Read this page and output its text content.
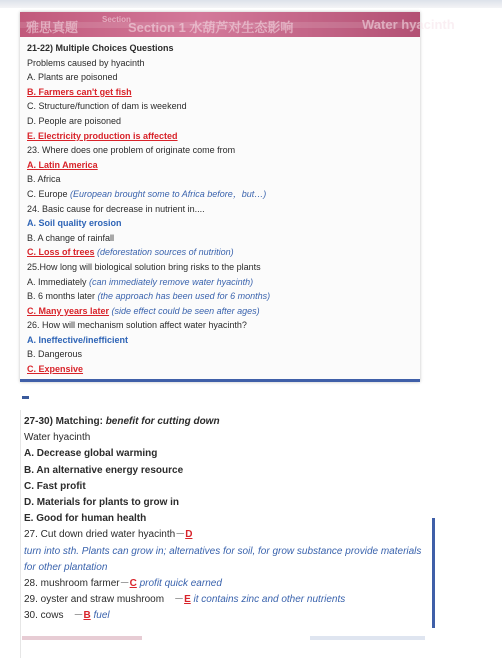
雅思真题
Section
Section 1 水葫芦对生态影响	Water hyacinth
21-22) Multiple Choices Questions
Problems caused by hyacinth
A. Plants are poisoned
B. Farmers can't get fish
C. Structure/function of dam is weekend
D. People are poisoned
E. Electricity production is affected
23. Where does one problem of originate come from
A. Latin America
B. Africa
C. Europe (European brought some to Africa before，but…)
24. Basic cause for decrease in nutrient in....
A. Soil quality erosion
B. A change of rainfall
C. Loss of trees (deforestation sources of nutrition)
25.How long will biological solution bring risks to the plants
A. Immediately (can immediately remove water hyacinth)
B. 6 months later (the approach has been used for 6 months)
C. Many years later (side effect could be seen after ages)
26. How will mechanism solution affect water hyacinth?
A. Ineffective/inefficient
B. Dangerous
C. Expensive
27-30) Matching: benefit for cutting down
Water hyacinth
A. Decrease global warming
B. An alternative energy resource
C. Fast profit
D. Materials for plants to grow in
E. Good for human health
27. Cut down dried water hyacinth－D
turn into sth. Plants can grow in; alternatives for soil, for grow substance provide materials
for other plantation
28. mushroom farmer－C profit quick earned
29. oyster and straw mushroom　－E it contains zinc and other nutrients
30. cows　－B fuel
